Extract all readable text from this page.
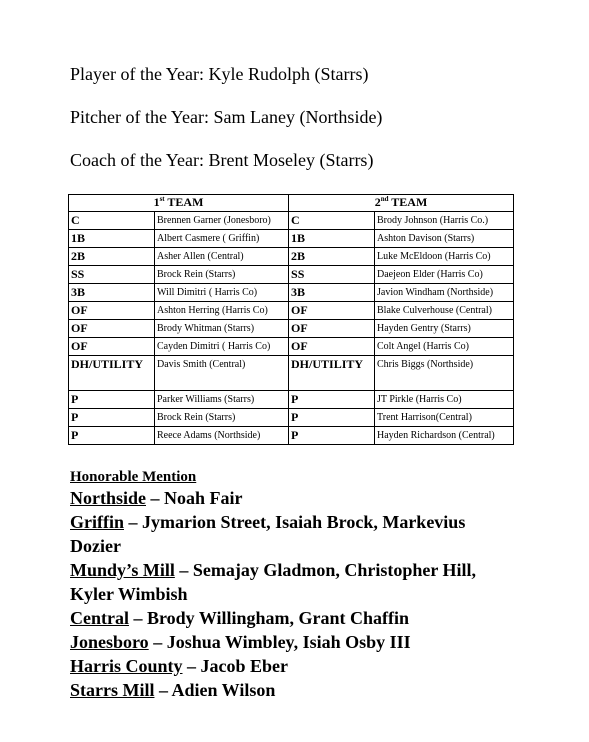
Player of the Year: Kyle Rudolph (Starrs)
Pitcher of the Year: Sam Laney (Northside)
Coach of the Year: Brent Moseley (Starrs)
1st TEAM		2nd TEAM	
C	Brennen Garner (Jonesboro)	C	Brody Johnson (Harris Co.)
1B	Albert Casmere ( Griffin)	1B	Ashton Davison (Starrs)
2B	Asher Allen (Central)	2B	Luke McEldoon (Harris Co)
SS	Brock Rein (Starrs)	SS	Daejeon Elder (Harris Co)
3B	Will Dimitri ( Harris Co)	3B	Javion Windham (Northside)
OF	Ashton Herring (Harris Co)	OF	Blake Culverhouse (Central)
OF	Brody Whitman (Starrs)	OF	Hayden Gentry (Starrs)
OF	Cayden Dimitri ( Harris Co)	OF	Colt Angel (Harris Co)
DH/UTILITY	Davis Smith (Central)	DH/UTILITY	Chris Biggs (Northside)
P	Parker Williams (Starrs)	P	JT Pirkle (Harris Co)
P	Brock Rein (Starrs)	P	Trent Harrison(Central)
P	Reece Adams (Northside)	P	Hayden Richardson (Central)
Honorable Mention
Northside – Noah Fair
Griffin – Jymarion Street, Isaiah Brock, Markevius Dozier
Mundy’s Mill – Semajay Gladmon, Christopher Hill, Kyler Wimbish
Central – Brody Willingham, Grant Chaffin
Jonesboro – Joshua Wimbley, Isiah Osby III
Harris County – Jacob Eber
Starrs Mill – Adien Wilson
